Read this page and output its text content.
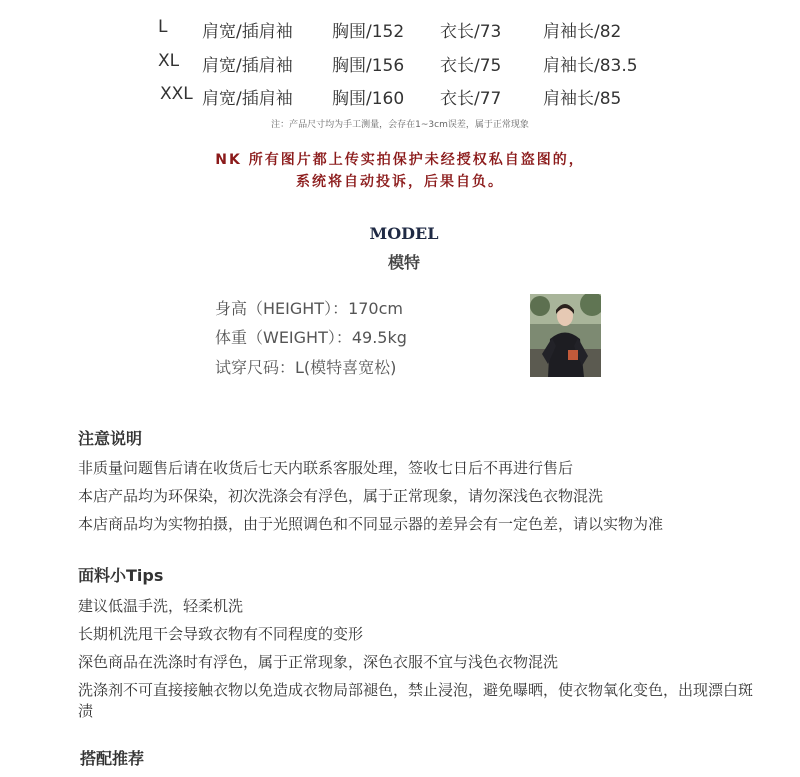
L 肩宽/插肩袖 胸围/152 衣长/73 肩袖长/82
XL 肩宽/插肩袖 胸围/156 衣长/75 肩袖长/83.5
XXL 肩宽/插肩袖 胸围/160 衣长/77 肩袖长/85
注：产品尺寸均为手工测量，会存在1~3cm误差，属于正常现象
NK 所有图片都上传实拍保护未经授权私自盗图的，
系统将自动投诉，后果自负。
MODEL
模特
身高（HEIGHT）：170cm
体重（WEIGHT）：49.5kg
试穿尺码：L(模特喜宽松)
注意说明
非质量问题售后请在收货后七天内联系客服处理，签收七日后不再进行售后
本店产品均为环保染，初次洗涤会有浮色，属于正常现象，请勿深浅色衣物混洗
本店商品均为实物拍摄，由于光照调色和不同显示器的差异会有一定色差，请以实物为准
面料小Tips
建议低温手洗，轻柔机洗
长期机洗甩干会导致衣物有不同程度的变形
深色商品在洗涤时有浮色，属于正常现象，深色衣服不宜与浅色衣物混洗
洗涤剂不可直接接触衣物以免造成衣物局部褪色，禁止浸泡，避免曝晒，使衣物氧化变色，出现漂白斑渍
搭配推荐
